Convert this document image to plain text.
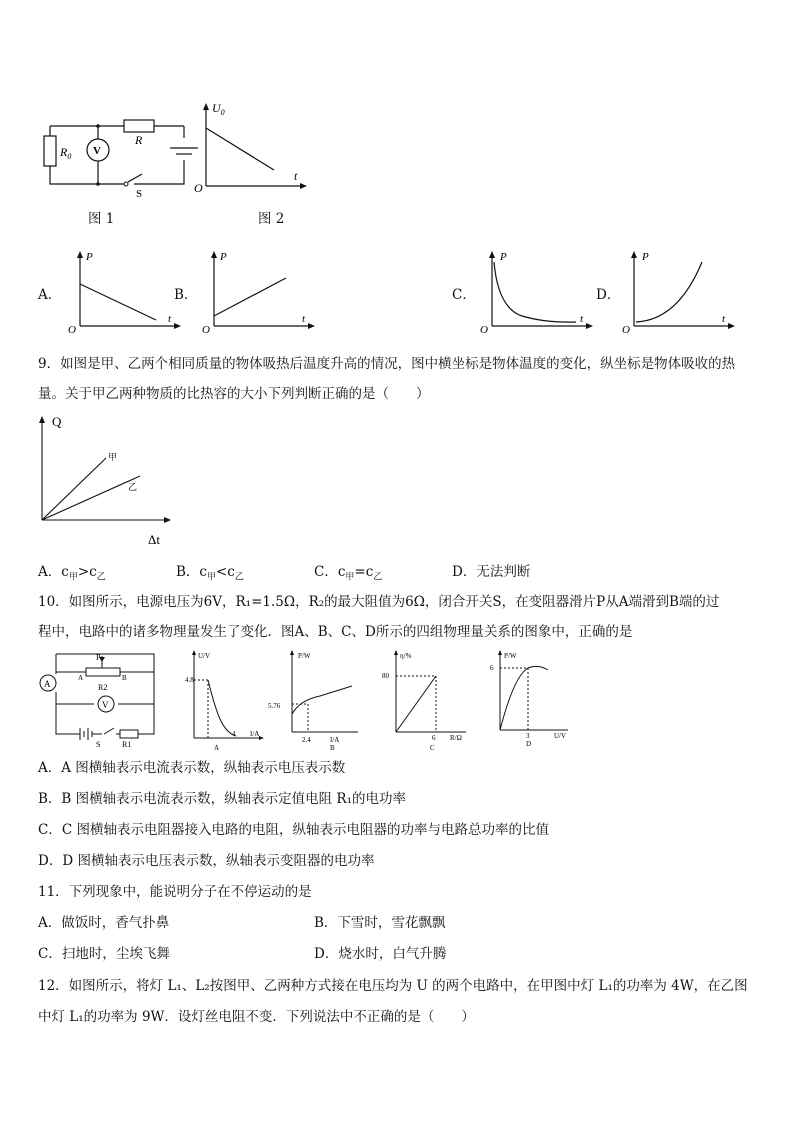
$R_0$ V
R
S
图 1
$U_0$
O
t
图 2
A．
P
O
t
B．
P
O
t
C．
P
O
t
D．
P
O
t
9．如图是甲、乙两个相同质量的物体吸热后温度升高的情况，图中横坐标是物体温度的变化，纵坐标是物体吸收的热
量。关于甲乙两种物质的比热容的大小下列判断正确的是（　　）
Q
Δt
甲
乙
A．$c_甲>c_乙$	B．$c_甲<c_乙$	C．$c_甲=c_乙$	D．无法判断
10．如图所示，电源电压为6V，R₁=1.5Ω，R₂的最大阻值为6Ω，闭合开关S，在变阻器滑片P从A端滑到B端的过
程中，电路中的诸多物理量发生了变化．图A、B、C、D所示的四组物理量关系的图象中，正确的是
A
V
P
A	B
R2
S	R1
U/V
4.8
4 I/A
A
P/W
5.76
2.4	I/A
B
η/%
80
6 R/Ω
C
P/W
6
3	U/V
D
A．A 图横轴表示电流表示数，纵轴表示电压表示数
B．B 图横轴表示电流表示数，纵轴表示定值电阻 R₁的电功率
C．C 图横轴表示电阻器接入电路的电阻，纵轴表示电阻器的功率与电路总功率的比值
D．D 图横轴表示电压表示数，纵轴表示变阻器的电功率
11．下列现象中，能说明分子在不停运动的是
A．做饭时，香气扑鼻	B．下雪时，雪花飘飘
C．扫地时，尘埃飞舞	D．烧水时，白气升腾
12．如图所示，将灯 L₁、L₂按图甲、乙两种方式接在电压均为 U 的两个电路中，在甲图中灯 L₁的功率为 4W，在乙图
中灯 L₁的功率为 9W．设灯丝电阻不变．下列说法中不正确的是（　　）
